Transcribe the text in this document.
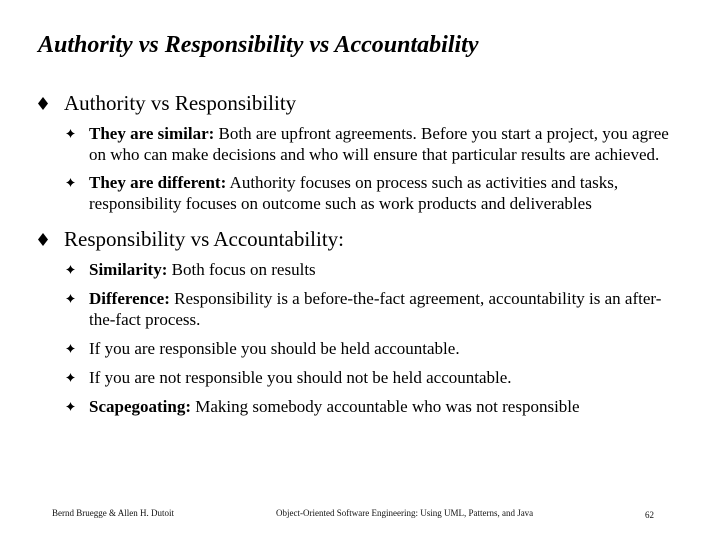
Authority vs Responsibility vs Accountability
Authority vs Responsibility
They are similar: Both are upfront agreements. Before you start a project, you agree on who can make decisions and who will ensure that particular results are achieved.
They are different: Authority focuses on process such as activities and tasks, responsibility focuses on outcome such as work products and deliverables
Responsibility vs Accountability:
Similarity: Both focus on results
Difference: Responsibility is a before-the-fact agreement, accountability is an after-the-fact process.
If you are responsible you should be held accountable.
If you are not responsible you should not be held accountable.
Scapegoating: Making somebody accountable who was not responsible
Bernd Bruegge & Allen H. Dutoit	Object-Oriented Software Engineering: Using UML, Patterns, and Java	62
